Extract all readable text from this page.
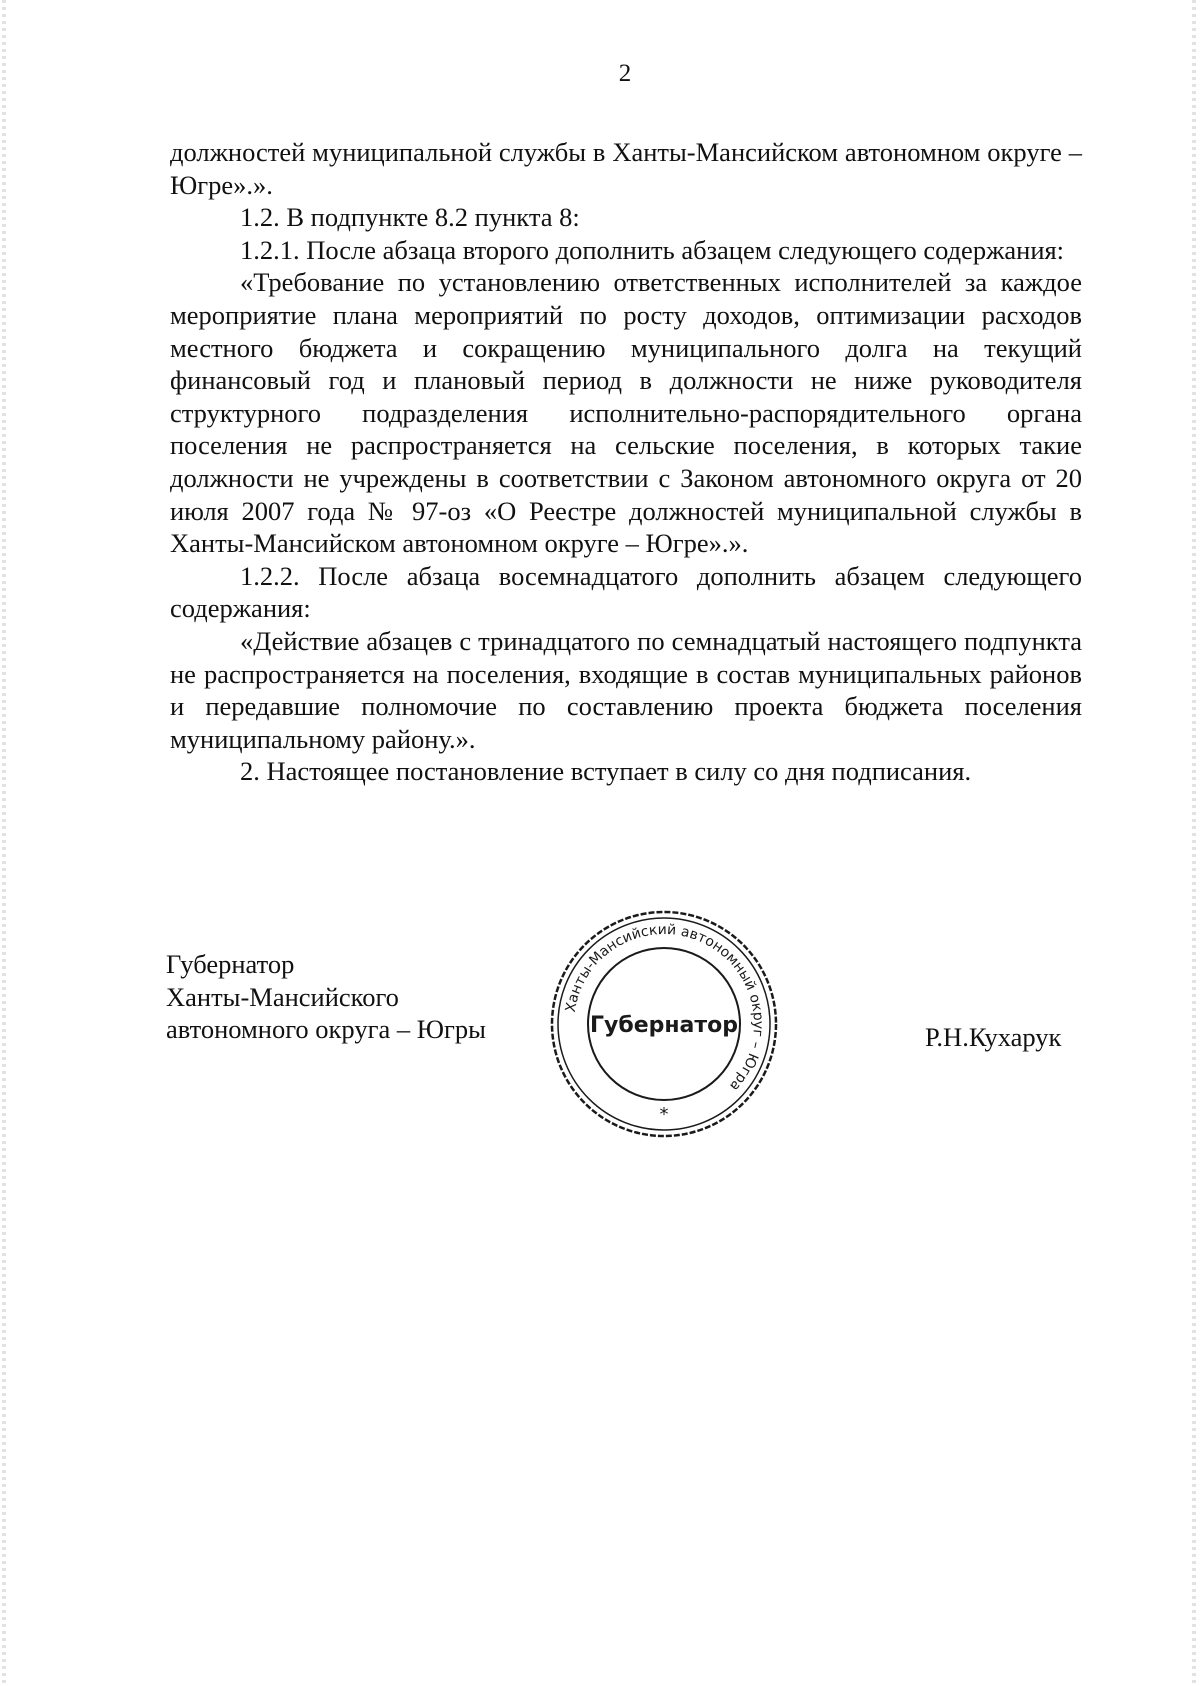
2

должностей муниципальной службы в Ханты-Мансийском автономном округе – Югре».».

1.2. В подпункте 8.2 пункта 8:

1.2.1. После абзаца второго дополнить абзацем следующего содержания:

«Требование по установлению ответственных исполнителей за каждое мероприятие плана мероприятий по росту доходов, оптимизации расходов местного бюджета и сокращению муниципального долга на текущий финансовый год и плановый период в должности не ниже руководителя структурного подразделения исполнительно-распорядительного органа поселения не распространяется на сельские поселения, в которых такие должности не учреждены в соответствии с Законом автономного округа от 20 июля 2007 года № 97-оз «О Реестре должностей муниципальной службы в Ханты-Мансийском автономном округе – Югре».».

1.2.2. После абзаца восемнадцатого дополнить абзацем следующего содержания:

«Действие абзацев с тринадцатого по семнадцатый настоящего подпункта не распространяется на поселения, входящие в состав муниципальных районов и передавшие полномочие по составлению проекта бюджета поселения муниципальному району.».

2. Настоящее постановление вступает в силу со дня подписания.

Губернатор
Ханты-Мансийского
автономного округа – Югры
Ханты-Мансийский автономный округ – Югра
Губернатор
*
Р.Н.Кухарук
